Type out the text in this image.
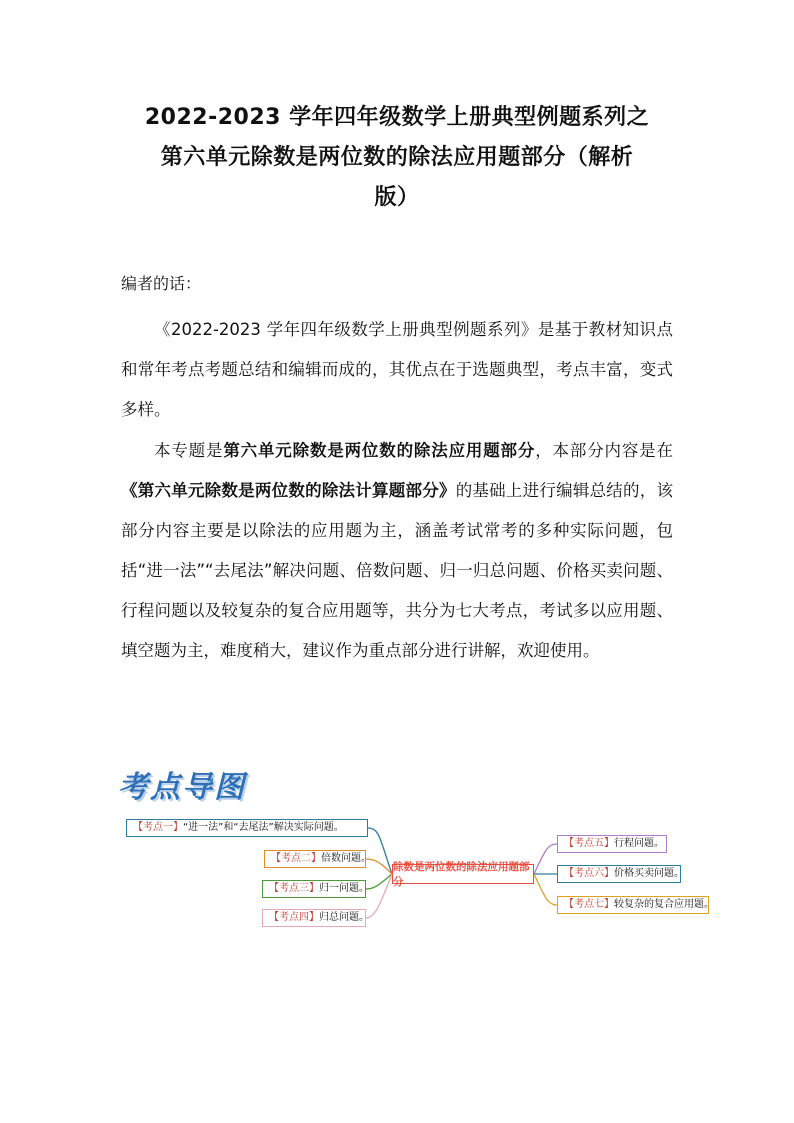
2022-2023 学年四年级数学上册典型例题系列之
第六单元除数是两位数的除法应用题部分（解析
版）
编者的话：

《2022-2023 学年四年级数学上册典型例题系列》是基于教材知识点和常年考点考题总结和编辑而成的，其优点在于选题典型，考点丰富，变式多样。

本专题是第六单元除数是两位数的除法应用题部分，本部分内容是在《第六单元除数是两位数的除法计算题部分》的基础上进行编辑总结的，该部分内容主要是以除法的应用题为主，涵盖考试常考的多种实际问题，包括“进一法”“去尾法”解决问题、倍数问题、归一归总问题、价格买卖问题、行程问题以及较复杂的复合应用题等，共分为七大考点，考试多以应用题、填空题为主，难度稍大，建议作为重点部分进行讲解，欢迎使用。

考点导图
除数是两位数的除法应用题部分
【考点一】 “进一法”和“去尾法”解决实际问题。
【考点二】 倍数问题。
【考点三】 归一问题。
【考点四】 归总问题。
【考点五】 行程问题。
【考点六】 价格买卖问题。
【考点七】 较复杂的复合应用题。
